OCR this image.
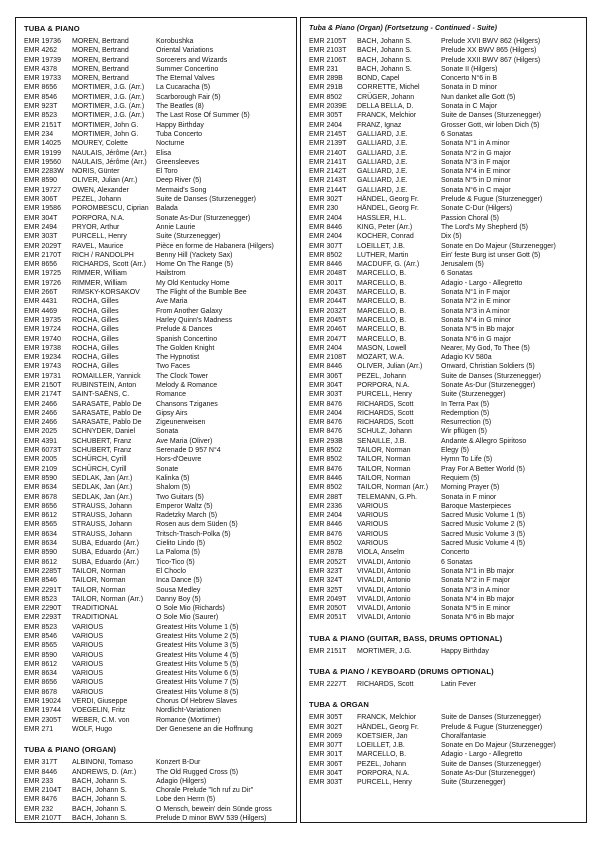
TUBA & PIANO
EMR 19736	MOREN, Bertrand	Korobushka
EMR 4262	MOREN, Bertrand	Oriental Variations
EMR 19739	MOREN, Bertrand	Sorcerers and Wizards
EMR 4378	MOREN, Bertrand	Summer Concertino
EMR 19733	MOREN, Bertrand	The Eternal Valves
EMR 8656	MORTIMER, J.G. (Arr.)	La Cucaracha (5)
EMR 8546	MORTIMER, J.G. (Arr.)	Scarborough Fair (5)
EMR 923T	MORTIMER, J.G. (Arr.)	The Beatles (8)
EMR 8523	MORTIMER, J.G. (Arr.)	The Last Rose Of Summer (5)
EMR 2151T	MORTIMER, John G.	Happy Birthday
EMR 234	MORTIMER, John G.	Tuba Concerto
EMR 14025	MOUREY, Colette	Nocturne
EMR 19199	NAULAIS, Jérôme (Arr.)	Elisa
EMR 19560	NAULAIS, Jérôme (Arr.)	Greensleeves
EMR 2283W	NORIS, Günter	El Toro
EMR 8590	OLIVER, Julian (Arr.)	Deep River (5)
EMR 19727	OWEN, Alexander	Mermaid's Song
EMR 306T	PEZEL, Johann	Suite de Danses (Sturzenegger)
EMR 19586	POROMBESCU, Ciprian	Balada
EMR 304T	PORPORA, N.A.	Sonate As-Dur (Sturzenegger)
EMR 2494	PRYOR, Arthur	Annie Laurie
EMR 303T	PURCELL, Henry	Suite (Sturzenegger)
EMR 2029T	RAVEL, Maurice	Pièce en forme de Habanera (Hilgers)
EMR 2170T	RICH / RANDOLPH	Benny Hill (Yackety Sax)
EMR 8656	RICHARDS, Scott (Arr.)	Home On The Range (5)
EMR 19725	RIMMER, William	Hailstrom
EMR 19726	RIMMER, William	My Old Kentucky Home
EMR 266T	RIMSKY-KORSAKOV	The Flight of the Bumble Bee
EMR 4431	ROCHA, Gilles	Ave Maria
EMR 4469	ROCHA, Gilles	From Another Galaxy
EMR 19735	ROCHA, Gilles	Harley Quinn's Madness
EMR 19724	ROCHA, Gilles	Prelude & Dances
EMR 19740	ROCHA, Gilles	Spanish Concertino
EMR 19738	ROCHA, Gilles	The Golden Knight
EMR 19234	ROCHA, Gilles	The Hypnotist
EMR 19743	ROCHA, Gilles	Two Faces
EMR 19731	ROMAILLER, Yannick	The Clock Tower
EMR 2150T	RUBINSTEIN, Anton	Melody & Romance
EMR 2174T	SAINT-SAËNS, C.	Romance
EMR 2466	SARASATE, Pablo De	Chansons Tziganes
EMR 2466	SARASATE, Pablo De	Gipsy Airs
EMR 2466	SARASATE, Pablo De	Zigeunerweisen
EMR 2025	SCHNYDER, Daniel	Sonata
EMR 4391	SCHUBERT, Franz	Ave Maria (Oliver)
EMR 6073T	SCHUBERT, Franz	Serenade D 957 N°4
EMR 2005	SCHÜRCH, Cyrill	Hors-d'Oeuvre
EMR 2109	SCHÜRCH, Cyrill	Sonate
EMR 8590	SEDLAK, Jan (Arr.)	Kalinka (5)
EMR 8634	SEDLAK, Jan (Arr.)	Shalom (5)
EMR 8678	SEDLAK, Jan (Arr.)	Two Guitars (5)
EMR 8656	STRAUSS, Johann	Emperor Waltz (5)
EMR 8612	STRAUSS, Johann	Radetzky March (5)
EMR 8565	STRAUSS, Johann	Rosen aus dem Süden (5)
EMR 8634	STRAUSS, Johann	Tritsch-Trasch-Polka (5)
EMR 8634	SUBA, Eduardo (Arr.)	Cielito Lindo (5)
EMR 8590	SUBA, Eduardo (Arr.)	La Paloma (5)
EMR 8612	SUBA, Eduardo (Arr.)	Tico-Tico (5)
EMR 2285T	TAILOR, Norman	El Choclo
EMR 8546	TAILOR, Norman	Inca Dance (5)
EMR 2291T	TAILOR, Norman	Sousa Medley
EMR 8523	TAILOR, Norman (Arr.)	Danny Boy (5)
EMR 2290T	TRADITIONAL	O Sole Mio (Richards)
EMR 2293T	TRADITIONAL	O Sole Mio (Saurer)
EMR 8523	VARIOUS	Greatest Hits Volume 1 (5)
EMR 8546	VARIOUS	Greatest Hits Volume 2 (5)
EMR 8565	VARIOUS	Greatest Hits Volume 3 (5)
EMR 8590	VARIOUS	Greatest Hits Volume 4 (5)
EMR 8612	VARIOUS	Greatest Hits Volume 5 (5)
EMR 8634	VARIOUS	Greatest Hits Volume 6 (5)
EMR 8656	VARIOUS	Greatest Hits Volume 7 (5)
EMR 8678	VARIOUS	Greatest Hits Volume 8 (5)
EMR 19024	VERDI, Giuseppe	Chorus Of Hebrew Slaves
EMR 19744	VOEGELIN, Fritz	Nordlicht-Variationen
EMR 2305T	WEBER, C.M. von	Romance (Mortimer)
EMR 271	WOLF, Hugo	Der Genesene an die Hoffnung
TUBA & PIANO (ORGAN)
EMR 317T	ALBINONI, Tomaso	Konzert B-Dur
EMR 8446	ANDREWS, D. (Arr.)	The Old Rugged Cross (5)
EMR 233	BACH, Johann S.	Adagio (Hilgers)
EMR 2104T	BACH, Johann S.	Chorale Prelude "Ich ruf zu Dir"
EMR 8476	BACH, Johann S.	Lobe den Herrn (5)
EMR 232	BACH, Johann S.	O Mensch, bewein' dein Sünde gross
EMR 2107T	BACH, Johann S.	Prelude D minor BWV 539 (Hilgers)
Tuba & Piano (Organ) (Fortsetzung - Continued - Suite)
EMR 2105T	BACH, Johann S.	Prelude XVII BWV 862 (Hilgers)
EMR 2103T	BACH, Johann S.	Prelude XX BWV 865 (Hilgers)
EMR 2106T	BACH, Johann S.	Prelude XXII BWV 867 (Hilgers)
EMR 231	BACH, Johann S.	Sonate II (Hilgers)
EMR 289B	BOND, Capel	Concerto N°6 in B
EMR 291B	CORRETTE, Michel	Sonata in D minor
EMR 8502	CRÜGER, Johann	Nun danket alle Gott (5)
EMR 2039E	DELLA BELLA, D.	Sonata in C Major
EMR 305T	FRANCK, Melchior	Suite de Danses (Sturzenegger)
EMR 2404	FRANZ, Ignaz	Grosser Gott, wir loben Dich (5)
EMR 2145T	GALLIARD, J.E.	6 Sonatas
EMR 2139T	GALLIARD, J.E.	Sonata N°1 in A minor
EMR 2140T	GALLIARD, J.E.	Sonata N°2 in G major
EMR 2141T	GALLIARD, J.E.	Sonata N°3 in F major
EMR 2142T	GALLIARD, J.E.	Sonata N°4 in E minor
EMR 2143T	GALLIARD, J.E.	Sonata N°5 in D minor
EMR 2144T	GALLIARD, J.E.	Sonata N°6 in C major
EMR 302T	HÄNDEL, Georg Fr.	Prelude & Fugue (Sturzenegger)
EMR 230	HÄNDEL, Georg Fr.	Sonate C-Dur (Hilgers)
EMR 2404	HASSLER, H.L.	Passion Choral (5)
EMR 8446	KING, Peter (Arr.)	The Lord's My Shepherd (5)
EMR 2404	KOCHER, Conrad	Dix (5)
EMR 307T	LOEILLET, J.B.	Sonate en Do Majeur (Sturzenegger)
EMR 8502	LUTHER, Martin	Ein' feste Burg ist unser Gott (5)
EMR 8446	MACDUFF, G. (Arr.)	Jerusalem (5)
EMR 2048T	MARCELLO, B.	6 Sonatas
EMR 301T	MARCELLO, B.	Adagio - Largo - Allegretto
EMR 2043T	MARCELLO, B.	Sonata N°1 in F major
EMR 2044T	MARCELLO, B.	Sonata N°2 in E minor
EMR 2032T	MARCELLO, B.	Sonata N°3 in A minor
EMR 2045T	MARCELLO, B.	Sonata N°4 in G minor
EMR 2046T	MARCELLO, B.	Sonata N°5 in Bb major
EMR 2047T	MARCELLO, B.	Sonata N°6 in G major
EMR 2404	MASON, Lowell	Nearer, My God, To Thee (5)
EMR 2108T	MOZART, W.A.	Adagio KV 580a
EMR 8446	OLIVER, Julian (Arr.)	Onward, Christian Soldiers (5)
EMR 306T	PEZEL, Johann	Suite de Danses (Sturzenegger)
EMR 304T	PORPORA, N.A.	Sonate As-Dur (Sturzenegger)
EMR 303T	PURCELL, Henry	Suite (Sturzenegger)
EMR 8476	RICHARDS, Scott	In Terra Pax (5)
EMR 2404	RICHARDS, Scott	Redemption (5)
EMR 8476	RICHARDS, Scott	Resurrection (5)
EMR 8476	SCHULZ, Johann	Wir pflügen (5)
EMR 293B	SENAILLE, J.B.	Andante & Allegro Spiritoso
EMR 8502	TAILOR, Norman	Elegy (5)
EMR 8502	TAILOR, Norman	Hymn To Life (5)
EMR 8476	TAILOR, Norman	Pray For A Better World (5)
EMR 8446	TAILOR, Norman	Requiem (5)
EMR 8502	TAILOR, Norman (Arr.)	Morning Prayer (5)
EMR 288T	TELEMANN, G.Ph.	Sonata in F minor
EMR 2336	VARIOUS	Baroque Masterpieces
EMR 2404	VARIOUS	Sacred Music Volume 1 (5)
EMR 8446	VARIOUS	Sacred Music Volume 2 (5)
EMR 8476	VARIOUS	Sacred Music Volume 3 (5)
EMR 8502	VARIOUS	Sacred Music Volume 4 (5)
EMR 287B	VIOLA, Anselm	Concerto
EMR 2052T	VIVALDI, Antonio	6 Sonatas
EMR 323T	VIVALDI, Antonio	Sonata N°1 in Bb major
EMR 324T	VIVALDI, Antonio	Sonata N°2 in F major
EMR 325T	VIVALDI, Antonio	Sonata N°3 in A minor
EMR 2049T	VIVALDI, Antonio	Sonata N°4 in Bb major
EMR 2050T	VIVALDI, Antonio	Sonata N°5 in E minor
EMR 2051T	VIVALDI, Antonio	Sonata N°6 in Bb major
TUBA & PIANO (GUITAR, BASS, DRUMS OPTIONAL)
EMR 2151T	MORTIMER, J.G.	Happy Birthday
TUBA & PIANO / KEYBOARD (DRUMS OPTIONAL)
EMR 2227T	RICHARDS, Scott	Latin Fever
TUBA & ORGAN
EMR 305T	FRANCK, Melchior	Suite de Danses (Sturzenegger)
EMR 302T	HÄNDEL, Georg Fr.	Prelude & Fugue (Sturzenegger)
EMR 2069	KOETSIER, Jan	Choralfantasie
EMR 307T	LOEILLET, J.B.	Sonate en Do Majeur (Sturzenegger)
EMR 301T	MARCELLO, B.	Adagio - Largo - Allegretto
EMR 306T	PEZEL, Johann	Suite de Danses (Sturzenegger)
EMR 304T	PORPORA, N.A.	Sonate As-Dur (Sturzenegger)
EMR 303T	PURCELL, Henry	Suite (Sturzenegger)
